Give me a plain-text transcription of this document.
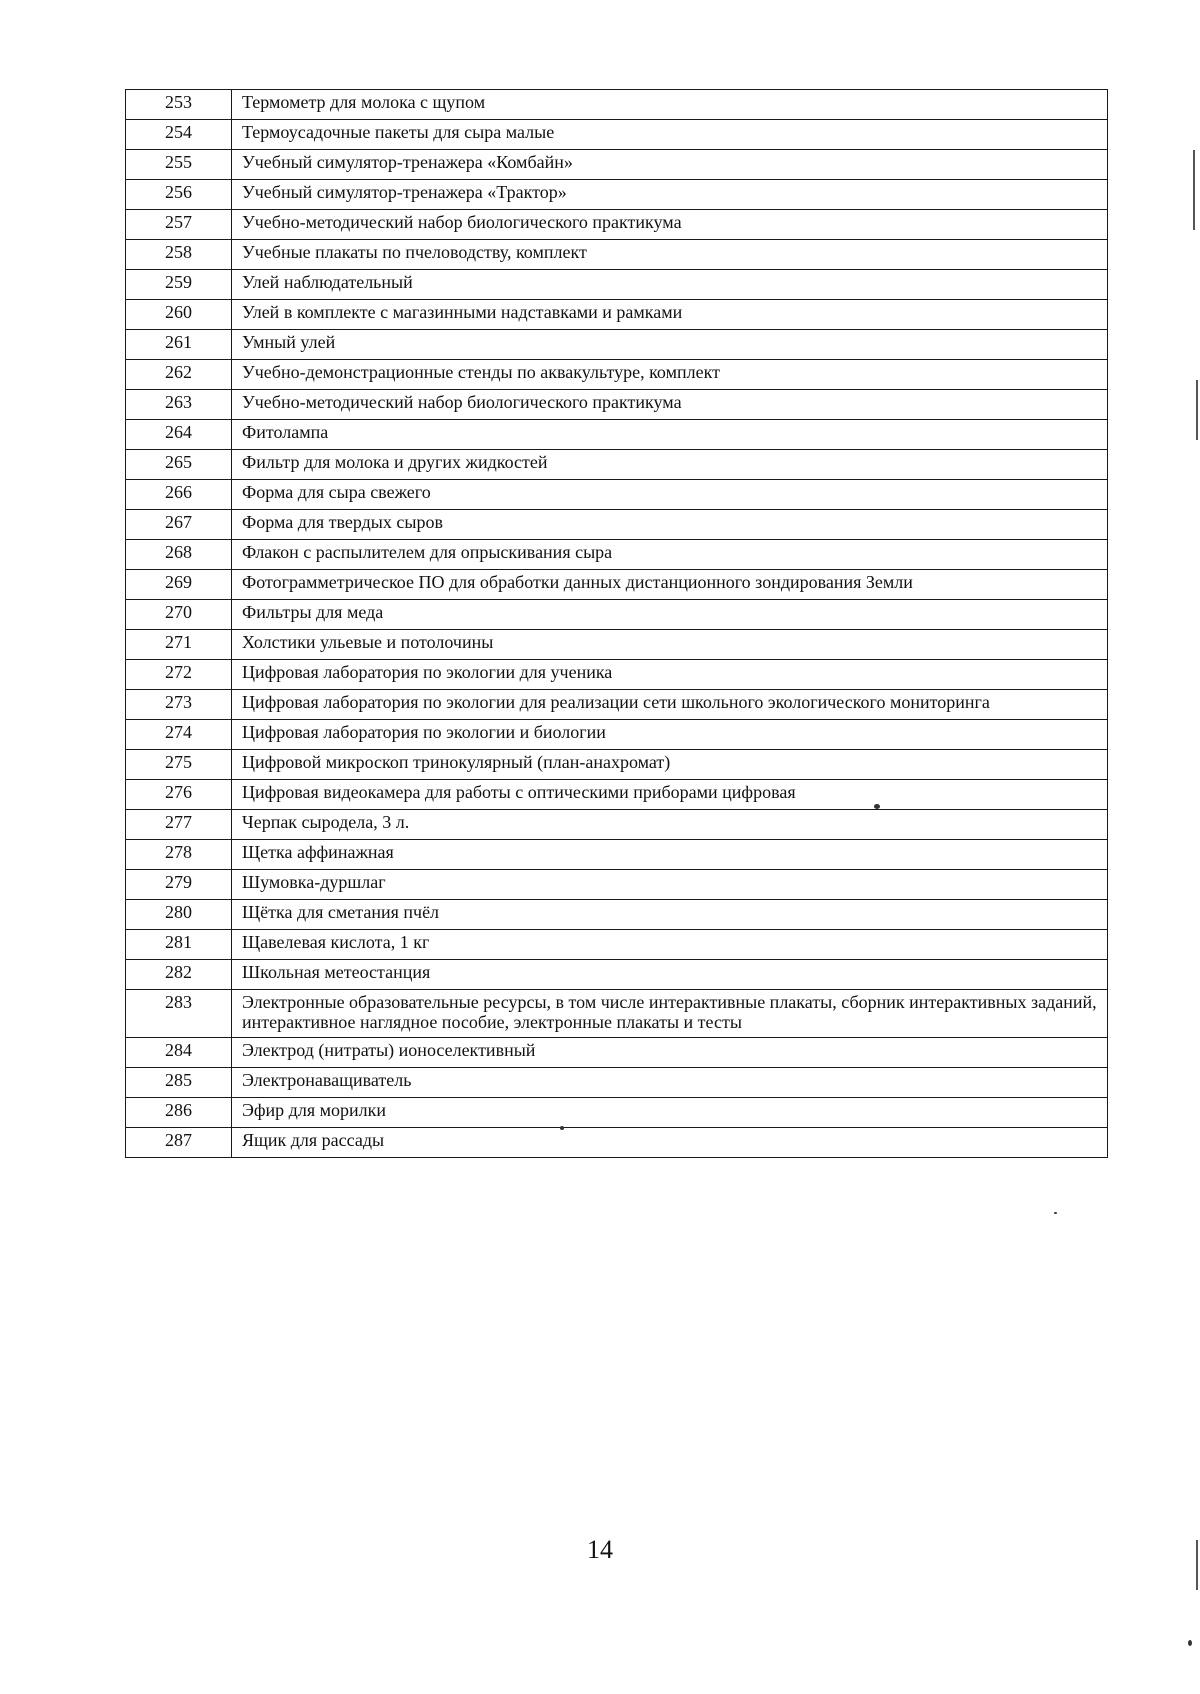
253	Термометр для молока с щупом
254	Термоусадочные пакеты для сыра малые
255	Учебный симулятор-тренажера «Комбайн»
256	Учебный симулятор-тренажера «Трактор»
257	Учебно-методический набор биологического практикума
258	Учебные плакаты по пчеловодству, комплект
259	Улей наблюдательный
260	Улей в комплекте с магазинными надставками и рамками
261	Умный улей
262	Учебно-демонстрационные стенды по аквакультуре, комплект
263	Учебно-методический набор биологического практикума
264	Фитолампа
265	Фильтр для молока и других жидкостей
266	Форма для сыра свежего
267	Форма для твердых сыров
268	Флакон с распылителем для опрыскивания сыра
269	Фотограмметрическое ПО для обработки данных дистанционного зондирования Земли
270	Фильтры для меда
271	Холстики ульевые и потолочины
272	Цифровая лаборатория по экологии для ученика
273	Цифровая лаборатория по экологии для реализации сети школьного экологического мониторинга
274	Цифровая лаборатория по экологии и биологии
275	Цифровой микроскоп тринокулярный (план-анахромат)
276	Цифровая видеокамера для работы с оптическими приборами цифровая
277	Черпак сыродела, 3 л.
278	Щетка аффинажная
279	Шумовка-дуршлаг
280	Щётка для сметания пчёл
281	Щавелевая кислота, 1 кг
282	Школьная метеостанция
283	Электронные образовательные ресурсы, в том числе интерактивные плакаты, сборник интерактивных заданий, интерактивное наглядное пособие, электронные плакаты и тесты
284	Электрод (нитраты) ионоселективный
285	Электронаващиватель
286	Эфир для морилки
287	Ящик для рассады
14
